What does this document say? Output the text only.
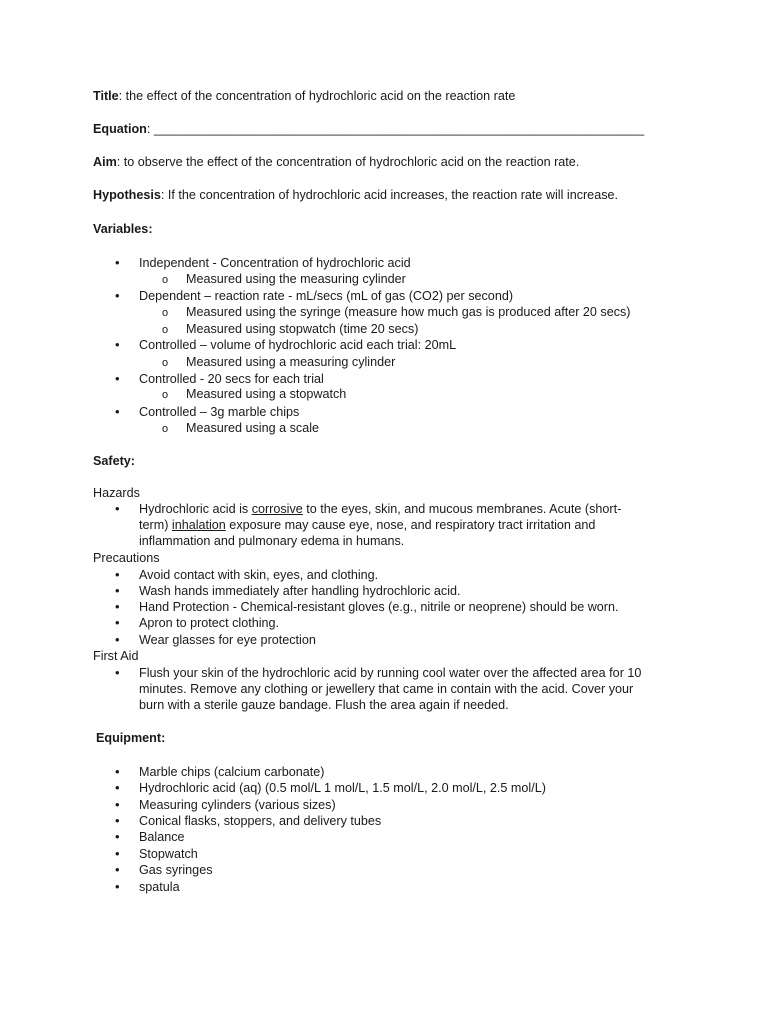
Title: the effect of the concentration of hydrochloric acid on the reaction rate
Equation: ______________________________________________________________________
Aim: to observe the effect of the concentration of hydrochloric acid on the reaction rate.
Hypothesis: If the concentration of hydrochloric acid increases, the reaction rate will increase.
Variables:
•
Independent - Concentration of hydrochloric acid
o Measured using the measuring cylinder
•
Dependent – reaction rate - mL/secs (mL of gas (CO2) per second)
o Measured using the syringe (measure how much gas is produced after 20 secs)
o Measured using stopwatch (time 20 secs)
•
Controlled – volume of hydrochloric acid each trial: 20mL
o Measured using a measuring cylinder
•
Controlled - 20 secs for each trial
o Measured using a stopwatch
•
Controlled – 3g marble chips
o Measured using a scale
Safety:
Hazards
•
Hydrochloric acid is corrosive to the eyes, skin, and mucous membranes. Acute (short-
term) inhalation exposure may cause eye, nose, and respiratory tract irritation and
inflammation and pulmonary edema in humans.
Precautions
•
Avoid contact with skin, eyes, and clothing.
•
Wash hands immediately after handling hydrochloric acid.
•
Hand Protection - Chemical-resistant gloves (e.g., nitrile or neoprene) should be worn.
•
Apron to protect clothing.
•
Wear glasses for eye protection
First Aid
•
Flush your skin of the hydrochloric acid by running cool water over the affected area for 10
minutes. Remove any clothing or jewellery that came in contain with the acid. Cover your
burn with a sterile gauze bandage. Flush the area again if needed.
Equipment:
•
Marble chips (calcium carbonate)
•
Hydrochloric acid (aq) (0.5 mol/L 1 mol/L, 1.5 mol/L, 2.0 mol/L, 2.5 mol/L)
•
Measuring cylinders (various sizes)
•
Conical flasks, stoppers, and delivery tubes
•
Balance
•
Stopwatch
•
Gas syringes
•
spatula
